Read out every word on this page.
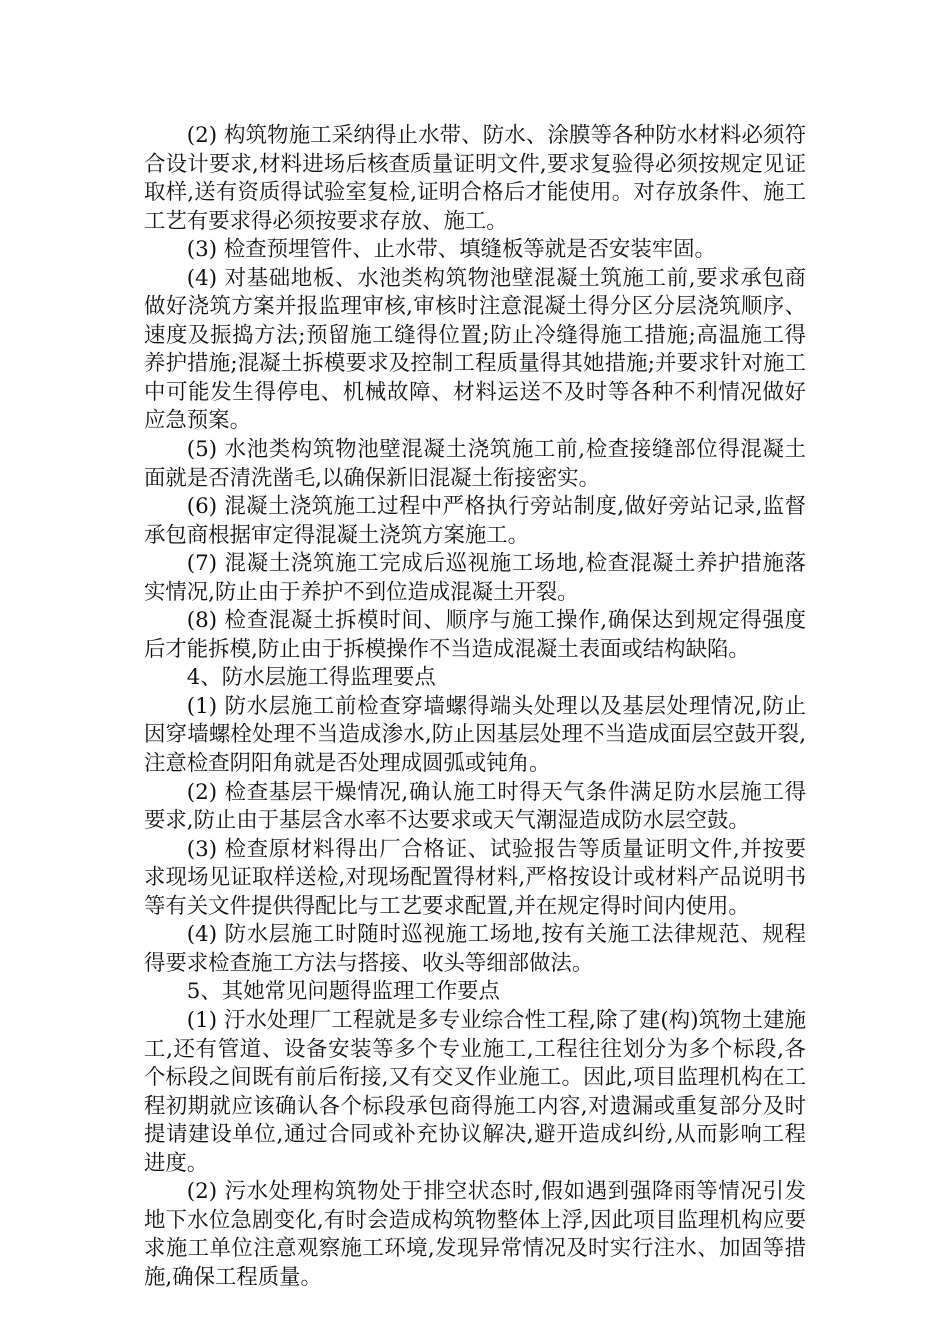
(2) 构筑物施工采纳得止水带、防水、涂膜等各种防水材料必须符合设计要求,材料进场后核查质量证明文件,要求复验得必须按规定见证取样,送有资质得试验室复检,证明合格后才能使用。对存放条件、施工工艺有要求得必须按要求存放、施工。

(3) 检查预埋管件、止水带、填缝板等就是否安装牢固。

(4) 对基础地板、水池类构筑物池壁混凝土筑施工前,要求承包商做好浇筑方案并报监理审核,审核时注意混凝土得分区分层浇筑顺序、速度及振捣方法;预留施工缝得位置;防止冷缝得施工措施;高温施工得养护措施;混凝土拆模要求及控制工程质量得其她措施;并要求针对施工中可能发生得停电、机械故障、材料运送不及时等各种不利情况做好应急预案。

(5) 水池类构筑物池壁混凝土浇筑施工前,检查接缝部位得混凝土面就是否清洗凿毛,以确保新旧混凝土衔接密实。

(6) 混凝土浇筑施工过程中严格执行旁站制度,做好旁站记录,监督承包商根据审定得混凝土浇筑方案施工。

(7) 混凝土浇筑施工完成后巡视施工场地,检查混凝土养护措施落实情况,防止由于养护不到位造成混凝土开裂。

(8) 检查混凝土拆模时间、顺序与施工操作,确保达到规定得强度后才能拆模,防止由于拆模操作不当造成混凝土表面或结构缺陷。

4、防水层施工得监理要点

(1) 防水层施工前检查穿墙螺得端头处理以及基层处理情况,防止因穿墙螺栓处理不当造成渗水,防止因基层处理不当造成面层空鼓开裂,注意检查阴阳角就是否处理成圆弧或钝角。

(2) 检查基层干燥情况,确认施工时得天气条件满足防水层施工得要求,防止由于基层含水率不达要求或天气潮湿造成防水层空鼓。

(3) 检查原材料得出厂合格证、试验报告等质量证明文件,并按要求现场见证取样送检,对现场配置得材料,严格按设计或材料产品说明书等有关文件提供得配比与工艺要求配置,并在规定得时间内使用。

(4) 防水层施工时随时巡视施工场地,按有关施工法律规范、规程得要求检查施工方法与搭接、收头等细部做法。

5、其她常见问题得监理工作要点

(1) 汙水处理厂工程就是多专业综合性工程,除了建(构)筑物土建施工,还有管道、设备安装等多个专业施工,工程往往划分为多个标段,各个标段之间既有前后衔接,又有交叉作业施工。因此,项目监理机构在工程初期就应该确认各个标段承包商得施工内容,对遗漏或重复部分及时提请建设单位,通过合同或补充协议解决,避开造成纠纷,从而影响工程进度。

(2) 污水处理构筑物处于排空状态时,假如遇到强降雨等情况引发地下水位急剧变化,有时会造成构筑物整体上浮,因此项目监理机构应要求施工单位注意观察施工环境,发现异常情况及时实行注水、加固等措施,确保工程质量。
